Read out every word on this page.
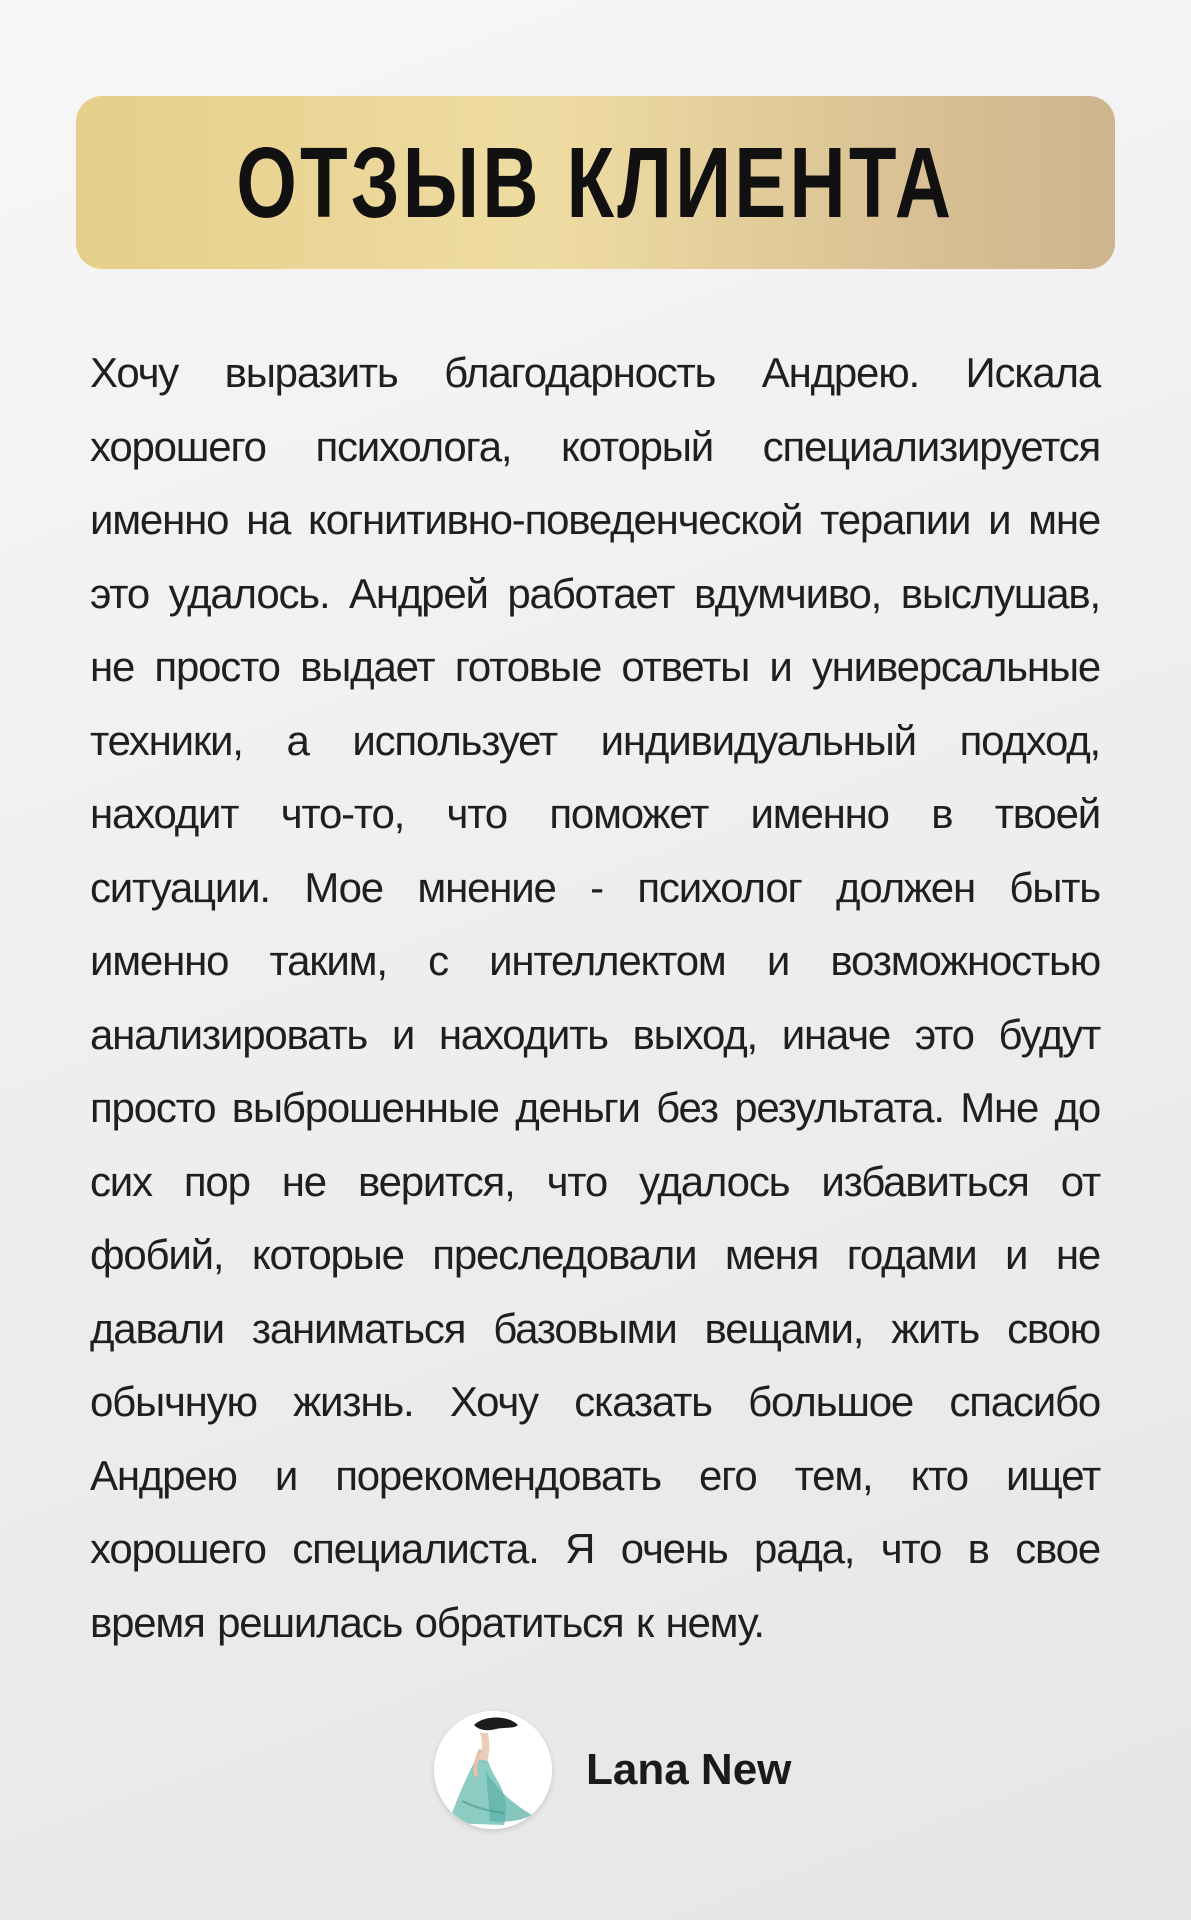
ОТЗЫВ КЛИЕНТА

Хочу выразить благодарность Андрею. Искала хорошего психолога, который специализируется именно на когнитивно-поведенческой терапии и мне это удалось. Андрей работает вдумчиво, выслушав, не просто выдает готовые ответы и универсальные техники, а использует индивидуальный подход, находит что-то, что поможет именно в твоей ситуации. Мое мнение - психолог должен быть именно таким, с интеллектом и возможностью анализировать и находить выход, иначе это будут просто выброшенные деньги без результата. Мне до сих пор не верится, что удалось избавиться от фобий, которые преследовали меня годами и не давали заниматься базовыми вещами, жить свою обычную жизнь. Хочу сказать большое спасибо Андрею и порекомендовать его тем, кто ищет хорошего специалиста. Я очень рада, что в свое время решилась обратиться к нему.

Lana New
